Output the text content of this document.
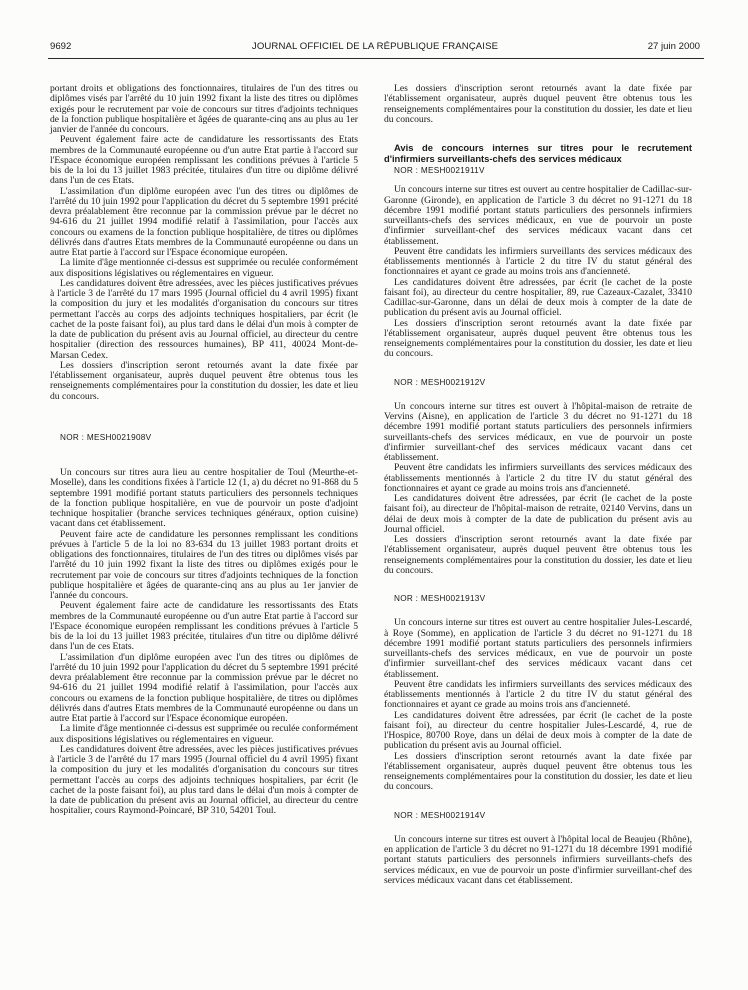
9692	JOURNAL OFFICIEL DE LA RÉPUBLIQUE FRANÇAISE	27 juin 2000

portant droits et obligations des fonctionnaires, titulaires de l'un des titres ou diplômes visés par l'arrêté du 10 juin 1992 fixant la liste des titres ou diplômes exigés pour le recrutement par voie de concours sur titres d'adjoints techniques de la fonction publique hospitalière et âgées de quarante-cinq ans au plus au 1er janvier de l'année du concours.

Peuvent également faire acte de candidature les ressortissants des Etats membres de la Communauté européenne ou d'un autre Etat partie à l'accord sur l'Espace économique européen remplissant les conditions prévues à l'article 5 bis de la loi du 13 juillet 1983 précitée, titulaires d'un titre ou diplôme délivré dans l'un de ces Etats.

L'assimilation d'un diplôme européen avec l'un des titres ou diplômes de l'arrêté du 10 juin 1992 pour l'application du décret du 5 septembre 1991 précité devra préalablement être reconnue par la commission prévue par le décret no 94-616 du 21 juillet 1994 modifié relatif à l'assimilation, pour l'accès aux concours ou examens de la fonction publique hospitalière, de titres ou diplômes délivrés dans d'autres Etats membres de la Communauté européenne ou dans un autre Etat partie à l'accord sur l'Espace économique européen.

La limite d'âge mentionnée ci-dessus est supprimée ou reculée conformément aux dispositions législatives ou réglementaires en vigueur.

Les candidatures doivent être adressées, avec les pièces justificatives prévues à l'article 3 de l'arrêté du 17 mars 1995 (Journal officiel du 4 avril 1995) fixant la composition du jury et les modalités d'organisation du concours sur titres permettant l'accès au corps des adjoints techniques hospitaliers, par écrit (le cachet de la poste faisant foi), au plus tard dans le délai d'un mois à compter de la date de publication du présent avis au Journal officiel, au directeur du centre hospitalier (direction des ressources humaines), BP 411, 40024 Mont-de-Marsan Cedex.

Les dossiers d'inscription seront retournés avant la date fixée par l'établissement organisateur, auprès duquel peuvent être obtenus tous les renseignements complémentaires pour la constitution du dossier, les date et lieu du concours.

NOR : MESH0021908V

Un concours sur titres aura lieu au centre hospitalier de Toul (Meurthe-et-Moselle), dans les conditions fixées à l'article 12 (1, a) du décret no 91-868 du 5 septembre 1991 modifié portant statuts particuliers des personnels techniques de la fonction publique hospitalière, en vue de pourvoir un poste d'adjoint technique hospitalier (branche services techniques généraux, option cuisine) vacant dans cet établissement.

Peuvent faire acte de candidature les personnes remplissant les conditions prévues à l'article 5 de la loi no 83-634 du 13 juillet 1983 portant droits et obligations des fonctionnaires, titulaires de l'un des titres ou diplômes visés par l'arrêté du 10 juin 1992 fixant la liste des titres ou diplômes exigés pour le recrutement par voie de concours sur titres d'adjoints techniques de la fonction publique hospitalière et âgées de quarante-cinq ans au plus au 1er janvier de l'année du concours.

Peuvent également faire acte de candidature les ressortissants des Etats membres de la Communauté européenne ou d'un autre Etat partie à l'accord sur l'Espace économique européen remplissant les conditions prévues à l'article 5 bis de la loi du 13 juillet 1983 précitée, titulaires d'un titre ou diplôme délivré dans l'un de ces Etats.

L'assimilation d'un diplôme européen avec l'un des titres ou diplômes de l'arrêté du 10 juin 1992 pour l'application du décret du 5 septembre 1991 précité devra préalablement être reconnue par la commission prévue par le décret no 94-616 du 21 juillet 1994 modifié relatif à l'assimilation, pour l'accès aux concours ou examens de la fonction publique hospitalière, de titres ou diplômes délivrés dans d'autres Etats membres de la Communauté européenne ou dans un autre Etat partie à l'accord sur l'Espace économique européen.

La limite d'âge mentionnée ci-dessus est supprimée ou reculée conformément aux dispositions législatives ou réglementaires en vigueur.

Les candidatures doivent être adressées, avec les pièces justificatives prévues à l'article 3 de l'arrêté du 17 mars 1995 (Journal officiel du 4 avril 1995) fixant la composition du jury et les modalités d'organisation du concours sur titres permettant l'accès au corps des adjoints techniques hospitaliers, par écrit (le cachet de la poste faisant foi), au plus tard dans le délai d'un mois à compter de la date de publication du présent avis au Journal officiel, au directeur du centre hospitalier, cours Raymond-Poincaré, BP 310, 54201 Toul.

Les dossiers d'inscription seront retournés avant la date fixée par l'établissement organisateur, auprès duquel peuvent être obtenus tous les renseignements complémentaires pour la constitution du dossier, les date et lieu du concours.

Avis de concours internes sur titres pour le recrutement d'infirmiers surveillants-chefs des services médicaux

NOR : MESH0021911V

Un concours interne sur titres est ouvert au centre hospitalier de Cadillac-sur-Garonne (Gironde), en application de l'article 3 du décret no 91-1271 du 18 décembre 1991 modifié portant statuts particuliers des personnels infirmiers surveillants-chefs des services médicaux, en vue de pourvoir un poste d'infirmier surveillant-chef des services médicaux vacant dans cet établissement.

Peuvent être candidats les infirmiers surveillants des services médicaux des établissements mentionnés à l'article 2 du titre IV du statut général des fonctionnaires et ayant ce grade au moins trois ans d'ancienneté.

Les candidatures doivent être adressées, par écrit (le cachet de la poste faisant foi), au directeur du centre hospitalier, 89, rue Cazeaux-Cazalet, 33410 Cadillac-sur-Garonne, dans un délai de deux mois à compter de la date de publication du présent avis au Journal officiel.

Les dossiers d'inscription seront retournés avant la date fixée par l'établissement organisateur, auprès duquel peuvent être obtenus tous les renseignements complémentaires pour la constitution du dossier, les date et lieu du concours.

NOR : MESH0021912V

Un concours interne sur titres est ouvert à l'hôpital-maison de retraite de Vervins (Aisne), en application de l'article 3 du décret no 91-1271 du 18 décembre 1991 modifié portant statuts particuliers des personnels infirmiers surveillants-chefs des services médicaux, en vue de pourvoir un poste d'infirmier surveillant-chef des services médicaux vacant dans cet établissement.

Peuvent être candidats les infirmiers surveillants des services médicaux des établissements mentionnés à l'article 2 du titre IV du statut général des fonctionnaires et ayant ce grade au moins trois ans d'ancienneté.

Les candidatures doivent être adressées, par écrit (le cachet de la poste faisant foi), au directeur de l'hôpital-maison de retraite, 02140 Vervins, dans un délai de deux mois à compter de la date de publication du présent avis au Journal officiel.

Les dossiers d'inscription seront retournés avant la date fixée par l'établissement organisateur, auprès duquel peuvent être obtenus tous les renseignements complémentaires pour la constitution du dossier, les date et lieu du concours.

NOR : MESH0021913V

Un concours interne sur titres est ouvert au centre hospitalier Jules-Lescardé, à Roye (Somme), en application de l'article 3 du décret no 91-1271 du 18 décembre 1991 modifié portant statuts particuliers des personnels infirmiers surveillants-chefs des services médicaux, en vue de pourvoir un poste d'infirmier surveillant-chef des services médicaux vacant dans cet établissement.

Peuvent être candidats les infirmiers surveillants des services médicaux des établissements mentionnés à l'article 2 du titre IV du statut général des fonctionnaires et ayant ce grade au moins trois ans d'ancienneté.

Les candidatures doivent être adressées, par écrit (le cachet de la poste faisant foi), au directeur du centre hospitalier Jules-Lescardé, 4, rue de l'Hospice, 80700 Roye, dans un délai de deux mois à compter de la date de publication du présent avis au Journal officiel.

Les dossiers d'inscription seront retournés avant la date fixée par l'établissement organisateur, auprès duquel peuvent être obtenus tous les renseignements complémentaires pour la constitution du dossier, les date et lieu du concours.

NOR : MESH0021914V

Un concours interne sur titres est ouvert à l'hôpital local de Beaujeu (Rhône), en application de l'article 3 du décret no 91-1271 du 18 décembre 1991 modifié portant statuts particuliers des personnels infirmiers surveillants-chefs des services médicaux, en vue de pourvoir un poste d'infirmier surveillant-chef des services médicaux vacant dans cet établissement.
